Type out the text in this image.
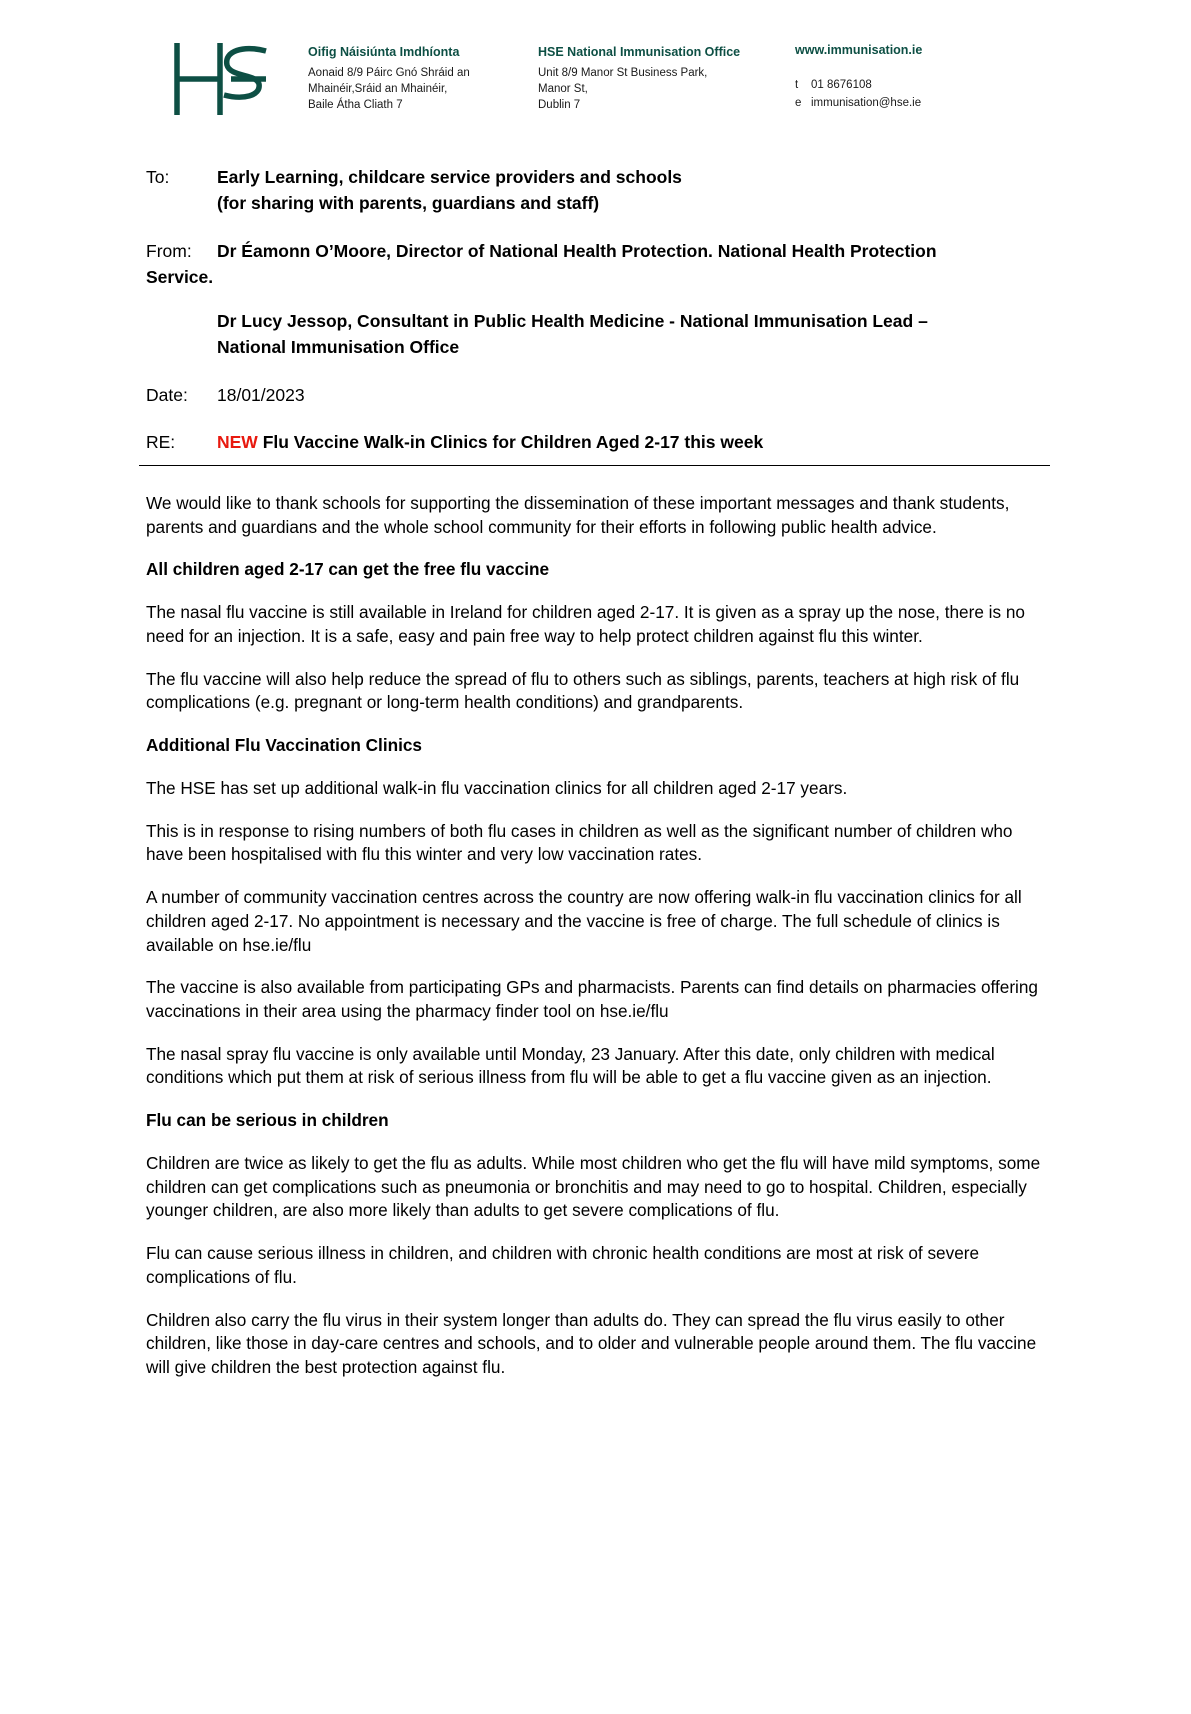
Oifig Náisiúnta Imdhíonta
Aonaid 8/9 Páirc Gnó Shráid an
Mhainéir,Sráid an Mhainéir,
Baile Átha Cliath 7
HSE National Immunisation Office
Unit 8/9 Manor St Business Park,
Manor St,
Dublin 7
www.immunisation.ie
t	01 8676108
e immunisation@hse.ie
To:	Early Learning, childcare service providers and schools
(for sharing with parents, guardians and staff)
From:	Dr Éamonn O’Moore, Director of National Health Protection. National Health Protection
Service.
Dr Lucy Jessop, Consultant in Public Health Medicine - National Immunisation Lead –
National Immunisation Office
Date:	18/01/2023
RE:	NEW Flu Vaccine Walk-in Clinics for Children Aged 2-17 this week

We would like to thank schools for supporting the dissemination of these important messages and thank students, parents and guardians and the whole school community for their efforts in following public health advice.

All children aged 2-17 can get the free flu vaccine

The nasal flu vaccine is still available in Ireland for children aged 2-17. It is given as a spray up the nose, there is no need for an injection. It is a safe, easy and pain free way to help protect children against flu this winter.

The flu vaccine will also help reduce the spread of flu to others such as siblings, parents, teachers at high risk of flu complications (e.g. pregnant or long-term health conditions) and grandparents.

Additional Flu Vaccination Clinics

The HSE has set up additional walk-in flu vaccination clinics for all children aged 2-17 years.

This is in response to rising numbers of both flu cases in children as well as the significant number of children who have been hospitalised with flu this winter and very low vaccination rates.

A number of community vaccination centres across the country are now offering walk-in flu vaccination clinics for all children aged 2-17. No appointment is necessary and the vaccine is free of charge. The full schedule of clinics is available on hse.ie/flu

The vaccine is also available from participating GPs and pharmacists. Parents can find details on pharmacies offering vaccinations in their area using the pharmacy finder tool on hse.ie/flu

The nasal spray flu vaccine is only available until Monday, 23 January. After this date, only children with medical conditions which put them at risk of serious illness from flu will be able to get a flu vaccine given as an injection.

Flu can be serious in children

Children are twice as likely to get the flu as adults. While most children who get the flu will have mild symptoms, some children can get complications such as pneumonia or bronchitis and may need to go to hospital. Children, especially younger children, are also more likely than adults to get severe complications of flu.

Flu can cause serious illness in children, and children with chronic health conditions are most at risk of severe complications of flu.

Children also carry the flu virus in their system longer than adults do. They can spread the flu virus easily to other children, like those in day-care centres and schools, and to older and vulnerable people around them. The flu vaccine will give children the best protection against flu.
